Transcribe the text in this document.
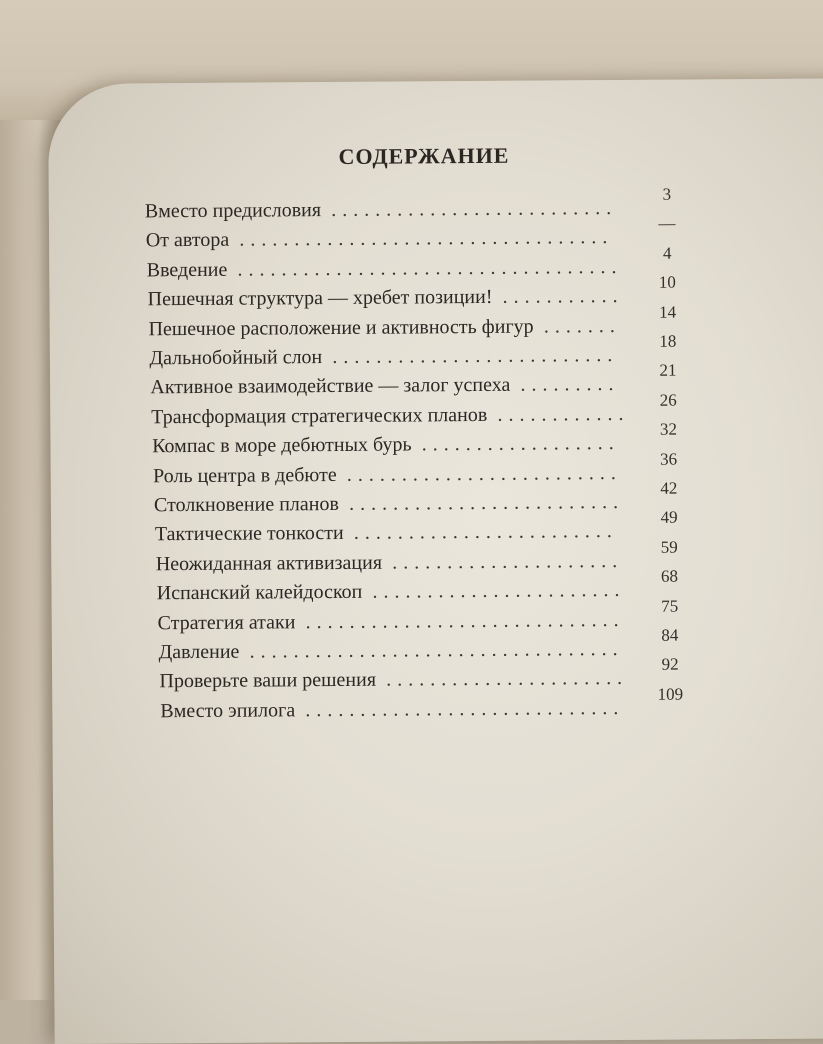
СОДЕРЖАНИЕ
Вместо предисловия ..........................
3
От автора ..................................
—
Введение ...................................
4
Пешечная структура — хребет позиции! ...........
10
Пешечное расположение и активность фигур .......
14
Дальнобойный слон ..........................
18
Активное взаимодействие — залог успеха .........
21
Трансформация стратегических планов ............
26
Компас в море дебютных бурь ..................
32
Роль центра в дебюте .........................
36
Столкновение планов .........................
42
Тактические тонкости ........................
49
Неожиданная активизация .....................
59
Испанский калейдоскоп .......................
68
Стратегия атаки .............................
75
Давление ..................................
84
Проверьте ваши решения ......................
92
Вместо эпилога .............................
109
